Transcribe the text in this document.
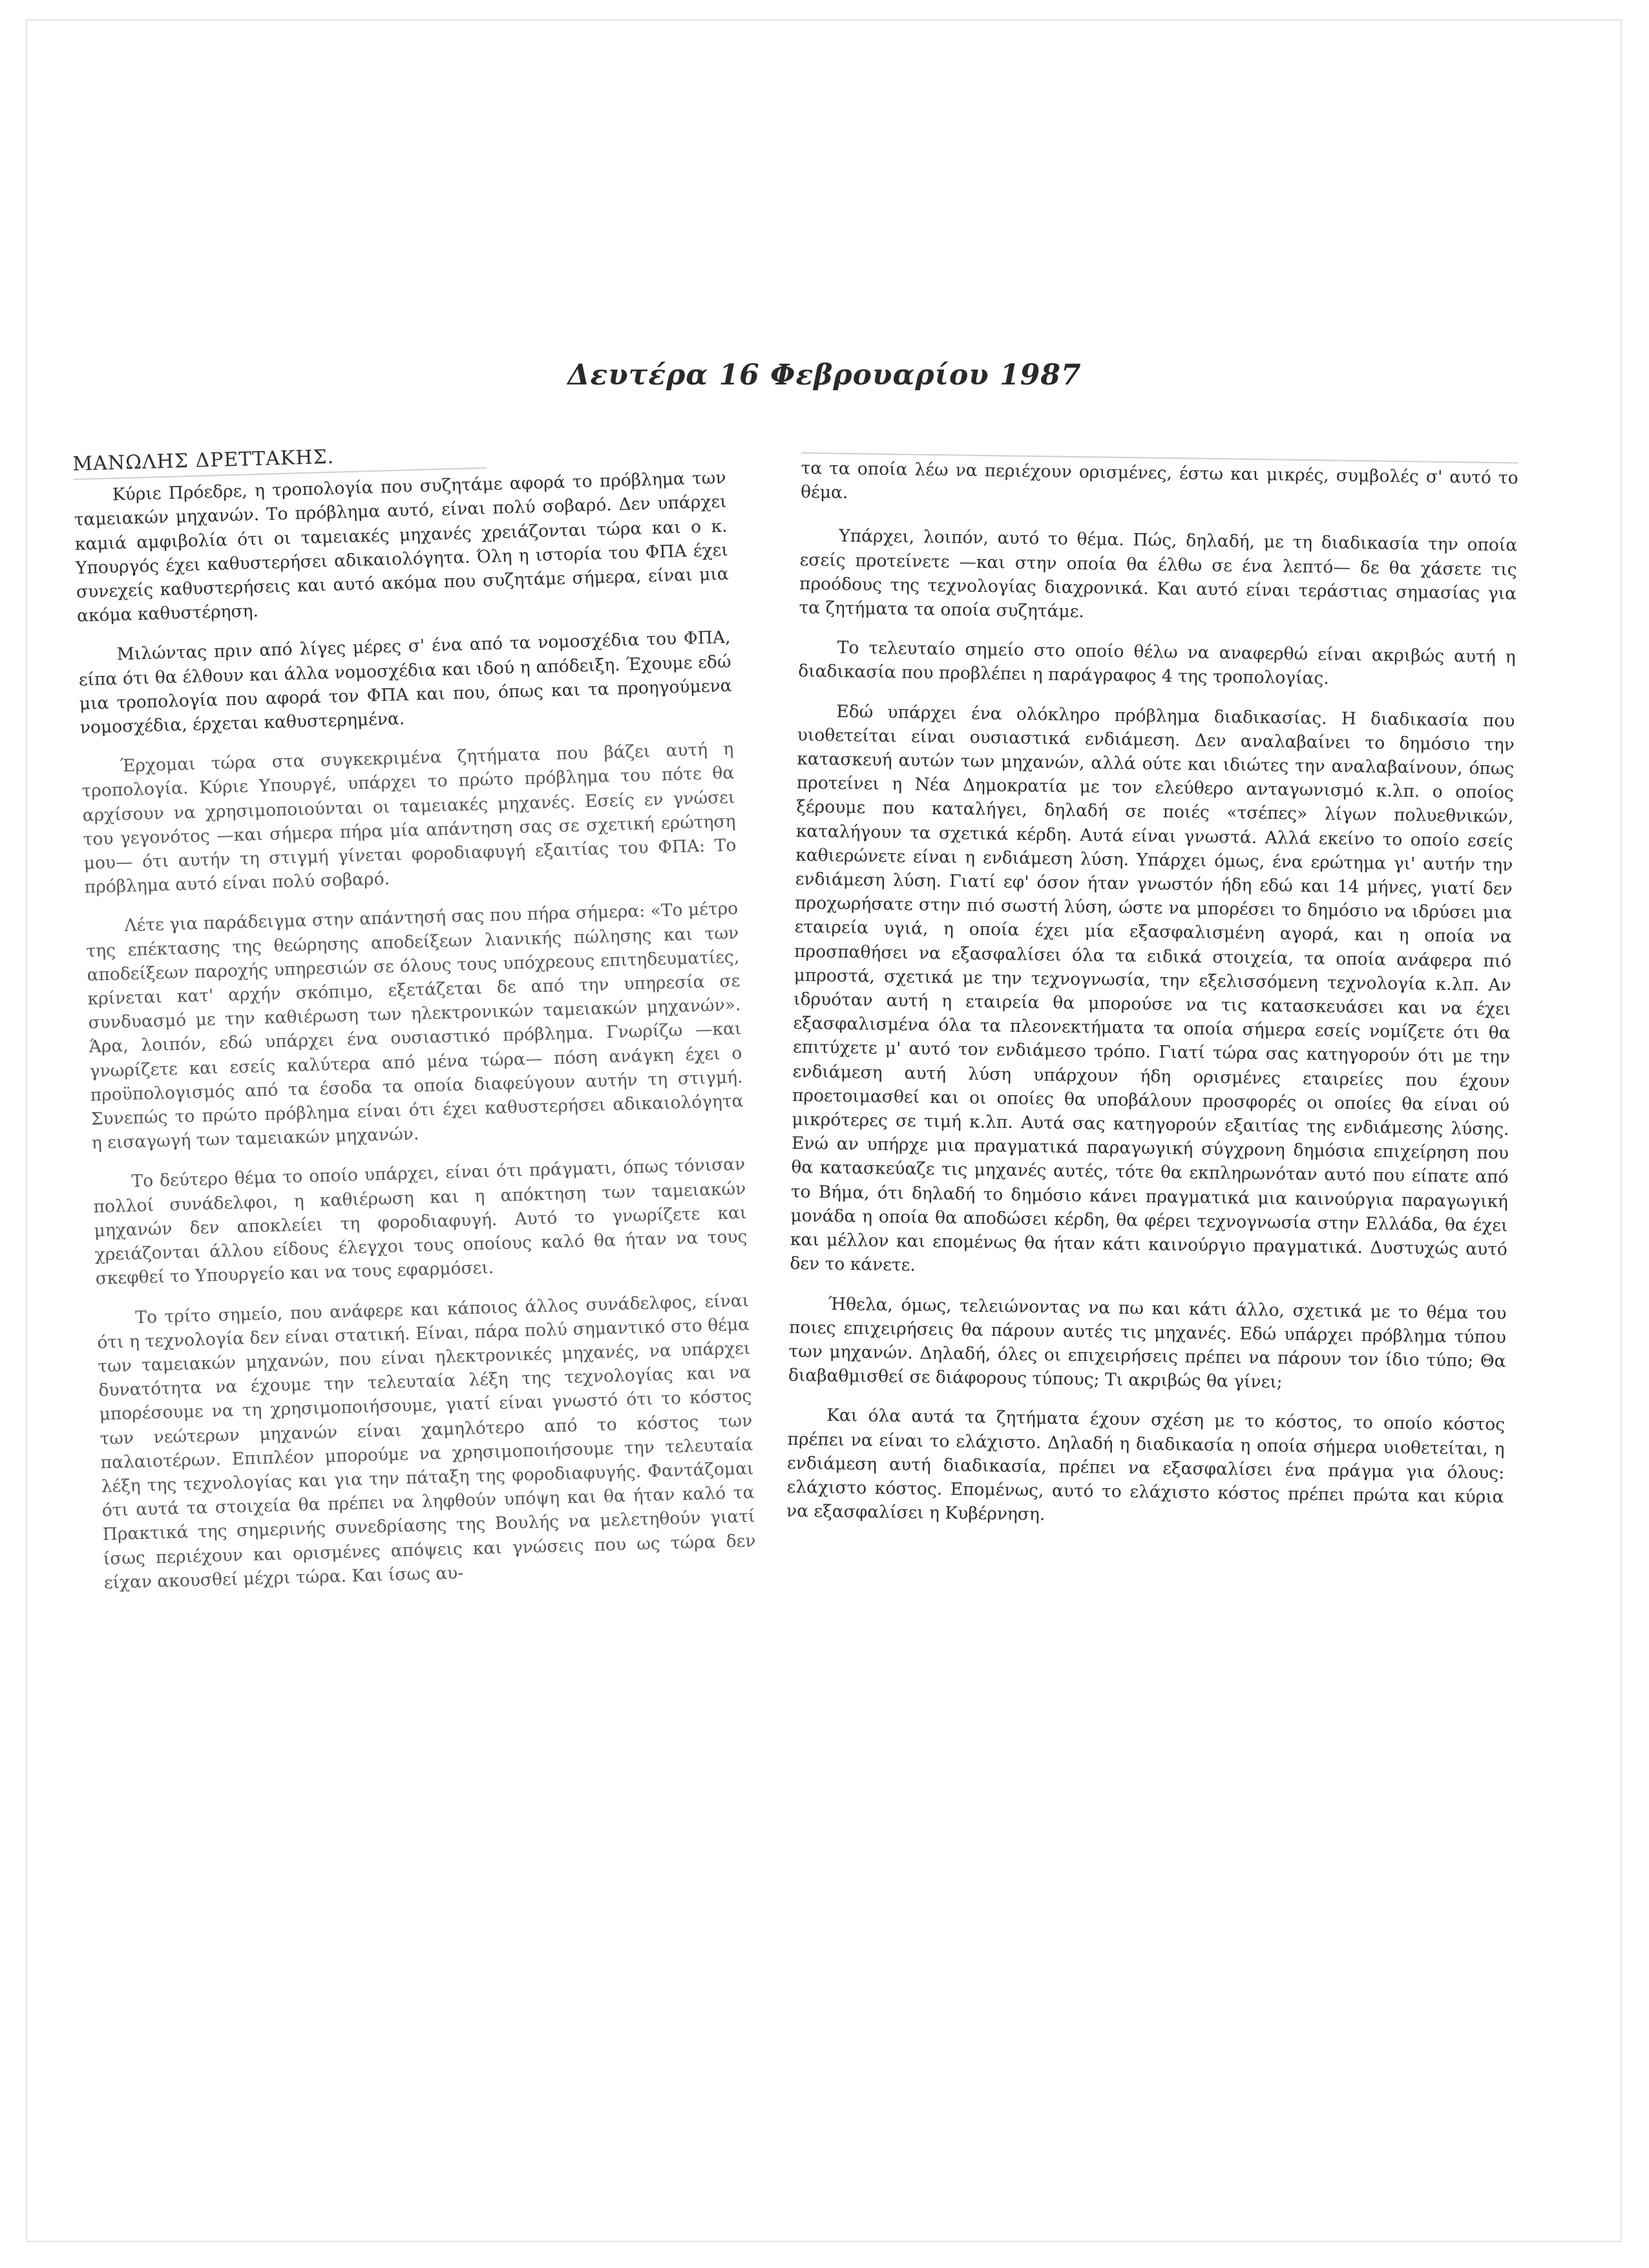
Δευτέρα 16 Φεβρουαρίου 1987
ΜΑΝΩΛΗΣ ΔΡΕΤΤΑΚΗΣ.

Κύριε Πρόεδρε, η τροπολογία που συζητάμε αφορά το πρόβλημα των ταμειακών μηχανών. Το πρόβλημα αυτό, είναι πολύ σοβαρό. Δεν υπάρχει καμιά αμφιβολία ότι οι ταμειακές μηχανές χρειάζονται τώρα και ο κ. Υπουργός έχει καθυστερήσει αδικαιολόγητα. Όλη η ιστορία του ΦΠΑ έχει συνεχείς καθυστερήσεις και αυτό ακόμα που συζητάμε σήμερα, είναι μια ακόμα καθυστέρηση.

Μιλώντας πριν από λίγες μέρες σ' ένα από τα νομοσχέδια του ΦΠΑ, είπα ότι θα έλθουν και άλλα νομοσχέδια και ιδού η απόδειξη. Έχουμε εδώ μια τροπολογία που αφορά τον ΦΠΑ και που, όπως και τα προηγούμενα νομοσχέδια, έρχεται καθυστερημένα.

Έρχομαι τώρα στα συγκεκριμένα ζητήματα που βάζει αυτή η τροπολογία. Κύριε Υπουργέ, υπάρχει το πρώτο πρόβλημα του πότε θα αρχίσουν να χρησιμοποιούνται οι ταμειακές μηχανές. Εσείς εν γνώσει του γεγονότος —και σήμερα πήρα μία απάντηση σας σε σχετική ερώτηση μου— ότι αυτήν τη στιγμή γίνεται φοροδιαφυγή εξαιτίας του ΦΠΑ: Το πρόβλημα αυτό είναι πολύ σοβαρό.

Λέτε για παράδειγμα στην απάντησή σας που πήρα σήμερα: «Το μέτρο της επέκτασης της θεώρησης αποδείξεων λιανικής πώλησης και των αποδείξεων παροχής υπηρεσιών σε όλους τους υπόχρεους επιτηδευματίες, κρίνεται κατ' αρχήν σκόπιμο, εξετάζεται δε από την υπηρεσία σε συνδυασμό με την καθιέρωση των ηλεκτρονικών ταμειακών μηχανών». Άρα, λοιπόν, εδώ υπάρχει ένα ουσιαστικό πρόβλημα. Γνωρίζω —και γνωρίζετε και εσείς καλύτερα από μένα τώρα— πόση ανάγκη έχει ο προϋπολογισμός από τα έσοδα τα οποία διαφεύγουν αυτήν τη στιγμή. Συνεπώς το πρώτο πρόβλημα είναι ότι έχει καθυστερήσει αδικαιολόγητα η εισαγωγή των ταμειακών μηχανών.

Το δεύτερο θέμα το οποίο υπάρχει, είναι ότι πράγματι, όπως τόνισαν πολλοί συνάδελφοι, η καθιέρωση και η απόκτηση των ταμειακών μηχανών δεν αποκλείει τη φοροδιαφυγή. Αυτό το γνωρίζετε και χρειάζονται άλλου είδους έλεγχοι τους οποίους καλό θα ήταν να τους σκεφθεί το Υπουργείο και να τους εφαρμόσει.

Το τρίτο σημείο, που ανάφερε και κάποιος άλλος συνάδελφος, είναι ότι η τεχνολογία δεν είναι στατική. Είναι, πάρα πολύ σημαντικό στο θέμα των ταμειακών μηχανών, που είναι ηλεκτρονικές μηχανές, να υπάρχει δυνατότητα να έχουμε την τελευταία λέξη της τεχνολογίας και να μπορέσουμε να τη χρησιμοποιήσουμε, γιατί είναι γνωστό ότι το κόστος των νεώτερων μηχανών είναι χαμηλότερο από το κόστος των παλαιοτέρων. Επιπλέον μπορούμε να χρησιμοποιήσουμε την τελευταία λέξη της τεχνολογίας και για την πάταξη της φοροδιαφυγής. Φαντάζομαι ότι αυτά τα στοιχεία θα πρέπει να ληφθούν υπόψη και θα ήταν καλό τα Πρακτικά της σημερινής συνεδρίασης της Βουλής να μελετηθούν γιατί ίσως περιέχουν και ορισμένες απόψεις και γνώσεις που ως τώρα δεν είχαν ακουσθεί μέχρι τώρα. Και ίσως αυ-

τα τα οποία λέω να περιέχουν ορισμένες, έστω και μικρές, συμβολές σ' αυτό το θέμα.

Υπάρχει, λοιπόν, αυτό το θέμα. Πώς, δηλαδή, με τη διαδικασία την οποία εσείς προτείνετε —και στην οποία θα έλθω σε ένα λεπτό— δε θα χάσετε τις προόδους της τεχνολογίας διαχρονικά. Και αυτό είναι τεράστιας σημασίας για τα ζητήματα τα οποία συζητάμε.

Το τελευταίο σημείο στο οποίο θέλω να αναφερθώ είναι ακριβώς αυτή η διαδικασία που προβλέπει η παράγραφος 4 της τροπολογίας.

Εδώ υπάρχει ένα ολόκληρο πρόβλημα διαδικασίας. Η διαδικασία που υιοθετείται είναι ουσιαστικά ενδιάμεση. Δεν αναλαβαίνει το δημόσιο την κατασκευή αυτών των μηχανών, αλλά ούτε και ιδιώτες την αναλαβαίνουν, όπως προτείνει η Νέα Δημοκρατία με τον ελεύθερο ανταγωνισμό κ.λπ. ο οποίος ξέρουμε που καταλήγει, δηλαδή σε ποιές «τσέπες» λίγων πολυεθνικών, καταλήγουν τα σχετικά κέρδη. Αυτά είναι γνωστά. Αλλά εκείνο το οποίο εσείς καθιερώνετε είναι η ενδιάμεση λύση. Υπάρχει όμως, ένα ερώτημα γι' αυτήν την ενδιάμεση λύση. Γιατί εφ' όσον ήταν γνωστόν ήδη εδώ και 14 μήνες, γιατί δεν προχωρήσατε στην πιό σωστή λύση, ώστε να μπορέσει το δημόσιο να ιδρύσει μια εταιρεία υγιά, η οποία έχει μία εξασφαλισμένη αγορά, και η οποία να προσπαθήσει να εξασφαλίσει όλα τα ειδικά στοιχεία, τα οποία ανάφερα πιό μπροστά, σχετικά με την τεχνογνωσία, την εξελισσόμενη τεχνολογία κ.λπ. Αν ιδρυόταν αυτή η εταιρεία θα μπορούσε να τις κατασκευάσει και να έχει εξασφαλισμένα όλα τα πλεονεκτήματα τα οποία σήμερα εσείς νομίζετε ότι θα επιτύχετε μ' αυτό τον ενδιάμεσο τρόπο. Γιατί τώρα σας κατηγορούν ότι με την ενδιάμεση αυτή λύση υπάρχουν ήδη ορισμένες εταιρείες που έχουν προετοιμασθεί και οι οποίες θα υποβάλουν προσφορές οι οποίες θα είναι ού μικρότερες σε τιμή κ.λπ. Αυτά σας κατηγορούν εξαιτίας της ενδιάμεσης λύσης. Ενώ αν υπήρχε μια πραγματικά παραγωγική σύγχρονη δημόσια επιχείρηση που θα κατασκεύαζε τις μηχανές αυτές, τότε θα εκπληρωνόταν αυτό που είπατε από το Βήμα, ότι δηλαδή το δημόσιο κάνει πραγματικά μια καινούργια παραγωγική μονάδα η οποία θα αποδώσει κέρδη, θα φέρει τεχνογνωσία στην Ελλάδα, θα έχει και μέλλον και επομένως θα ήταν κάτι καινούργιο πραγματικά. Δυστυχώς αυτό δεν το κάνετε.

Ήθελα, όμως, τελειώνοντας να πω και κάτι άλλο, σχετικά με το θέμα του ποιες επιχειρήσεις θα πάρουν αυτές τις μηχανές. Εδώ υπάρχει πρόβλημα τύπου των μηχανών. Δηλαδή, όλες οι επιχειρήσεις πρέπει να πάρουν τον ίδιο τύπο; Θα διαβαθμισθεί σε διάφορους τύπους; Τι ακριβώς θα γίνει;

Και όλα αυτά τα ζητήματα έχουν σχέση με το κόστος, το οποίο κόστος πρέπει να είναι το ελάχιστο. Δηλαδή η διαδικασία η οποία σήμερα υιοθετείται, η ενδιάμεση αυτή διαδικασία, πρέπει να εξασφαλίσει ένα πράγμα για όλους: ελάχιστο κόστος. Επομένως, αυτό το ελάχιστο κόστος πρέπει πρώτα και κύρια να εξασφαλίσει η Κυβέρνηση.
